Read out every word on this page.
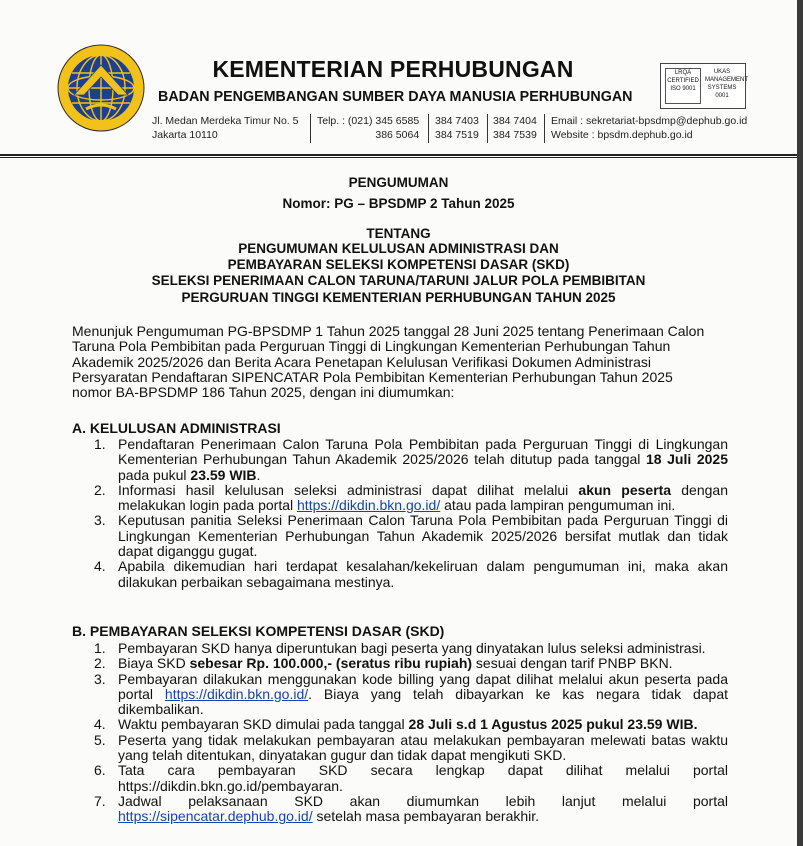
KEMENTERIAN PERHUBUNGAN
BADAN PENGEMBANGAN SUMBER DAYA MANUSIA PERHUBUNGAN
LRQA CERTIFIED ISO 9001
UKAS MANAGEMENT SYSTEMS 0001
Jl. Medan Merdeka Timur No. 5
Jakarta 10110
Telp. : (021) 345 6585
386 5064
384 7403
384 7519
384 7404
384 7539
Email : sekretariat-bpsdmp@dephub.go.id
Website : bpsdm.dephub.go.id
PENGUMUMAN
Nomor: PG – BPSDMP 2 Tahun 2025
TENTANG
PENGUMUMAN KELULUSAN ADMINISTRASI DAN
PEMBAYARAN SELEKSI KOMPETENSI DASAR (SKD)
SELEKSI PENERIMAAN CALON TARUNA/TARUNI JALUR POLA PEMBIBITAN
PERGURUAN TINGGI KEMENTERIAN PERHUBUNGAN TAHUN 2025
Menunjuk Pengumuman PG-BPSDMP 1 Tahun 2025 tanggal 28 Juni 2025 tentang Penerimaan Calon
Taruna Pola Pembibitan pada Perguruan Tinggi di Lingkungan Kementerian Perhubungan Tahun
Akademik 2025/2026 dan Berita Acara Penetapan Kelulusan Verifikasi Dokumen Administrasi
Persyaratan Pendaftaran SIPENCATAR Pola Pembibitan Kementerian Perhubungan Tahun 2025
nomor BA-BPSDMP 186 Tahun 2025, dengan ini diumumkan:
A. KELULUSAN ADMINISTRASI
1. Pendaftaran Penerimaan Calon Taruna Pola Pembibitan pada Perguruan Tinggi di Lingkungan Kementerian Perhubungan Tahun Akademik 2025/2026 telah ditutup pada tanggal 18 Juli 2025 pada pukul 23.59 WIB.
2. Informasi hasil kelulusan seleksi administrasi dapat dilihat melalui akun peserta dengan melakukan login pada portal https://dikdin.bkn.go.id/ atau pada lampiran pengumuman ini.
3. Keputusan panitia Seleksi Penerimaan Calon Taruna Pola Pembibitan pada Perguruan Tinggi di Lingkungan Kementerian Perhubungan Tahun Akademik 2025/2026 bersifat mutlak dan tidak dapat diganggu gugat.
4. Apabila dikemudian hari terdapat kesalahan/kekeliruan dalam pengumuman ini, maka akan dilakukan perbaikan sebagaimana mestinya.
B. PEMBAYARAN SELEKSI KOMPETENSI DASAR (SKD)
1. Pembayaran SKD hanya diperuntukan bagi peserta yang dinyatakan lulus seleksi administrasi.
2. Biaya SKD sebesar Rp. 100.000,- (seratus ribu rupiah) sesuai dengan tarif PNBP BKN.
3. Pembayaran dilakukan menggunakan kode billing yang dapat dilihat melalui akun peserta pada portal https://dikdin.bkn.go.id/. Biaya yang telah dibayarkan ke kas negara tidak dapat dikembalikan.
4. Waktu pembayaran SKD dimulai pada tanggal 28 Juli s.d 1 Agustus 2025 pukul 23.59 WIB.
5. Peserta yang tidak melakukan pembayaran atau melakukan pembayaran melewati batas waktu yang telah ditentukan, dinyatakan gugur dan tidak dapat mengikuti SKD.
6. Tata cara pembayaran SKD secara lengkap dapat dilihat melalui portal https://dikdin.bkn.go.id/pembayaran.
7. Jadwal pelaksanaan SKD akan diumumkan lebih lanjut melalui portal https://sipencatar.dephub.go.id/ setelah masa pembayaran berakhir.
